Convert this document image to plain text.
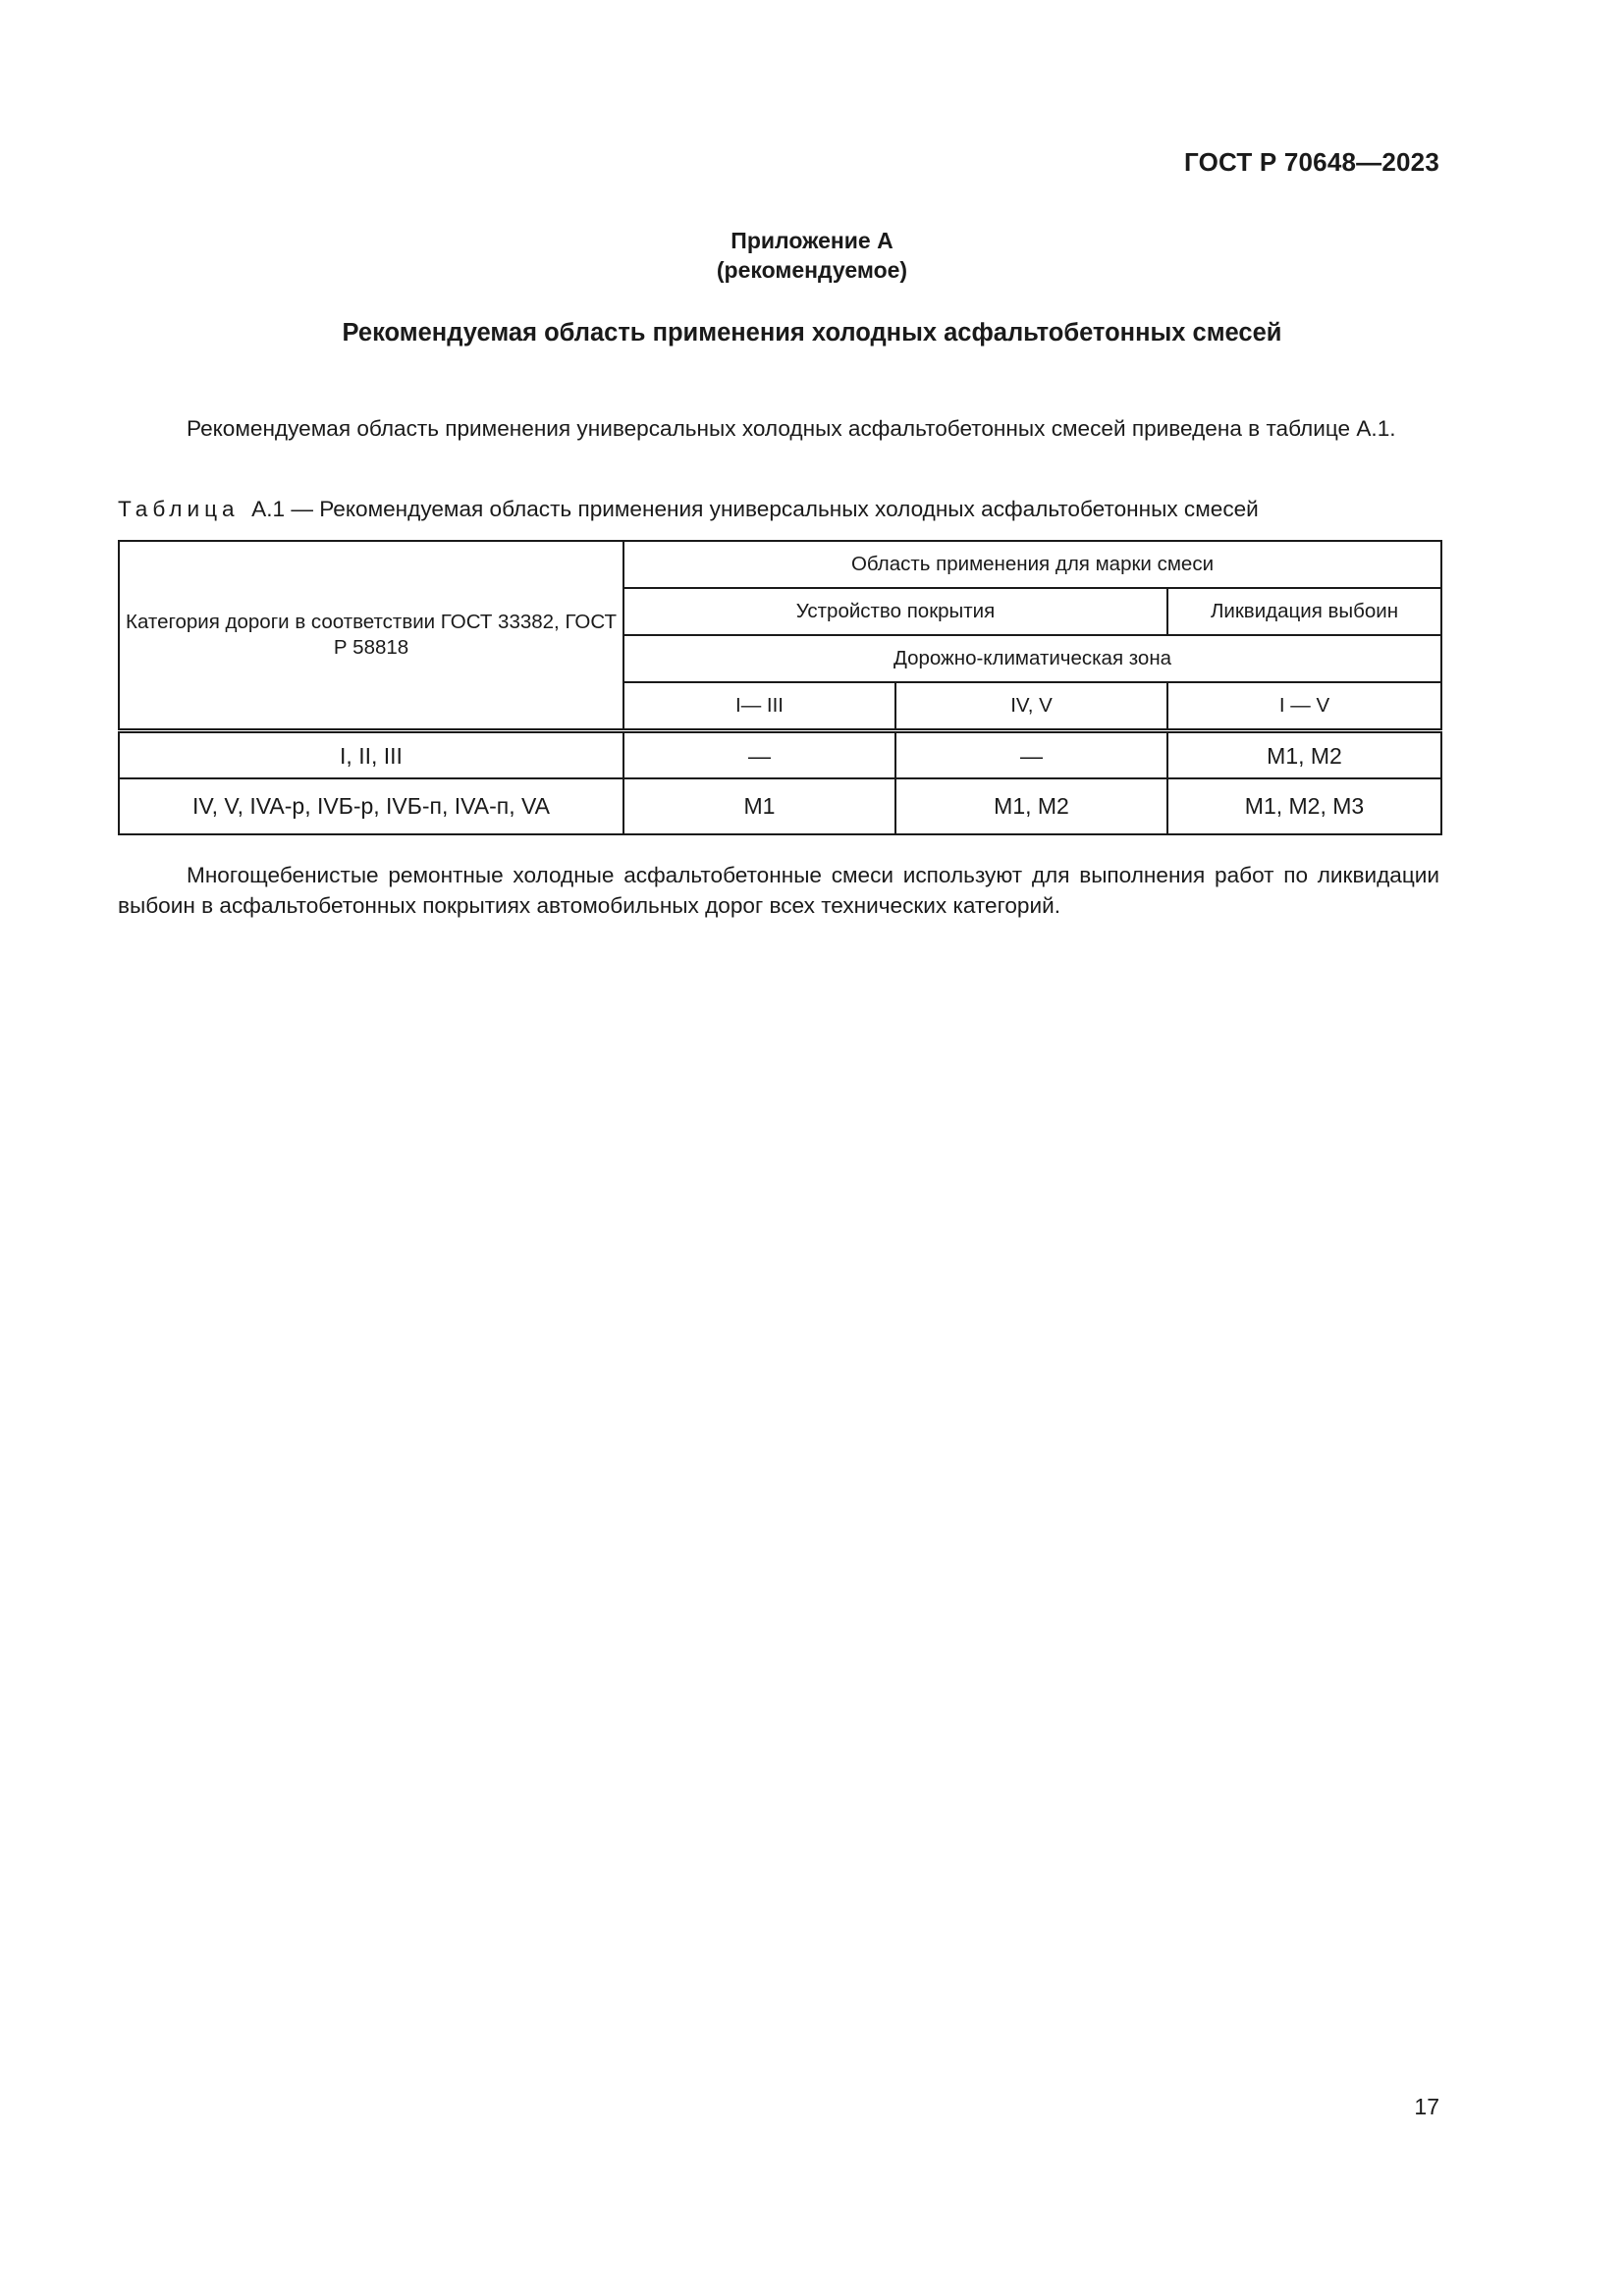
ГОСТ Р 70648—2023
Приложение А
(рекомендуемое)
Рекомендуемая область применения холодных асфальтобетонных смесей
Рекомендуемая область применения универсальных холодных асфальтобетонных смесей приведена в таблице А.1.
Таблица А.1 — Рекомендуемая область применения универсальных холодных асфальтобетонных смесей
Категория дороги в соответствии ГОСТ 33382, ГОСТ Р 58818	Область применения для марки смеси		
	Устройство покрытия		Ликвидация выбоин
	Дорожно-климатическая зона		
	I— III	IV, V	I — V
I, II, III	—	—	М1, М2
IV, V, IVA-р, IVБ-р, IVБ-п, IVA-п, VA	М1	М1, М2	М1, М2, М3
Многощебенистые ремонтные холодные асфальтобетонные смеси используют для выполнения работ по ликвидации выбоин в асфальтобетонных покрытиях автомобильных дорог всех технических категорий.
17
